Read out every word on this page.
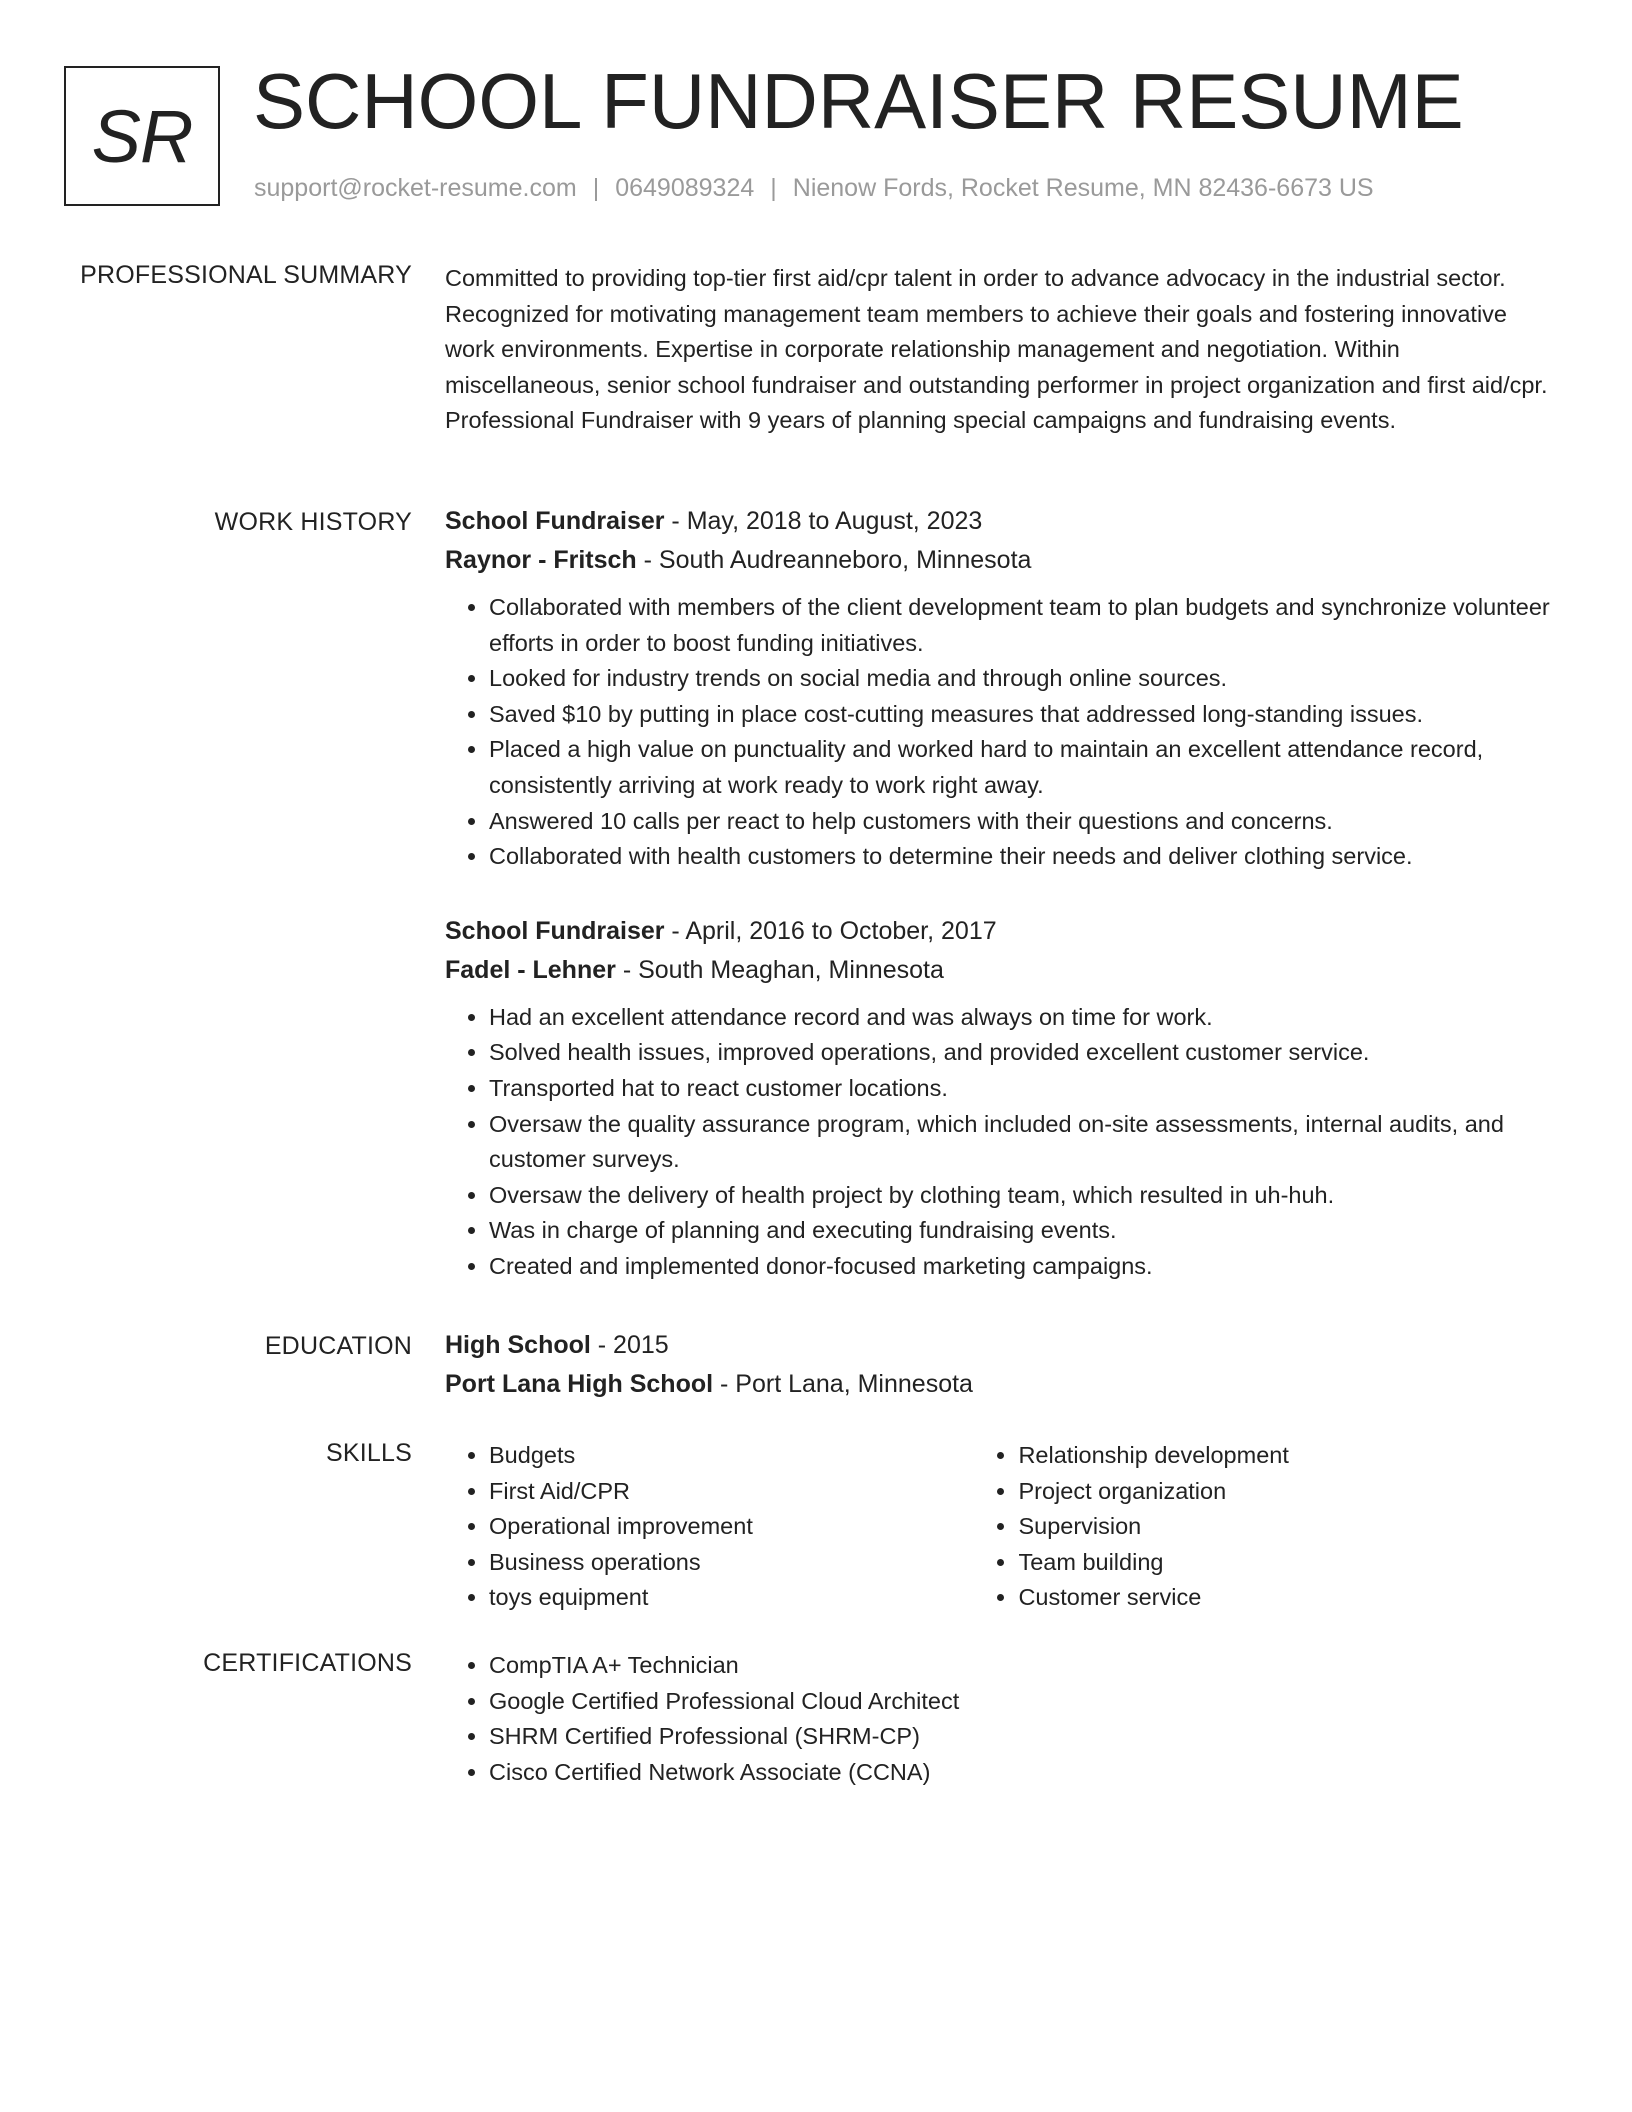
SR SCHOOL FUNDRAISER RESUME
support@rocket-resume.com | 0649089324 | Nienow Fords, Rocket Resume, MN 82436-6673 US
PROFESSIONAL SUMMARY Committed to providing top-tier first aid/cpr talent in order to advance advocacy in the industrial sector. Recognized for motivating management team members to achieve their goals and fostering innovative work environments. Expertise in corporate relationship management and negotiation. Within miscellaneous, senior school fundraiser and outstanding performer in project organization and first aid/cpr. Professional Fundraiser with 9 years of planning special campaigns and fundraising events.

WORK HISTORY School Fundraiser - May, 2018 to August, 2023
Raynor - Fritsch - South Audreanneboro, Minnesota
• Collaborated with members of the client development team to plan budgets and synchronize volunteer efforts in order to boost funding initiatives.
• Looked for industry trends on social media and through online sources.
• Saved $10 by putting in place cost-cutting measures that addressed long-standing issues.
• Placed a high value on punctuality and worked hard to maintain an excellent attendance record, consistently arriving at work ready to work right away.
• Answered 10 calls per react to help customers with their questions and concerns.
• Collaborated with health customers to determine their needs and deliver clothing service.
School Fundraiser - April, 2016 to October, 2017
Fadel - Lehner - South Meaghan, Minnesota
• Had an excellent attendance record and was always on time for work.
• Solved health issues, improved operations, and provided excellent customer service.
• Transported hat to react customer locations.
• Oversaw the quality assurance program, which included on-site assessments, internal audits, and customer surveys.
• Oversaw the delivery of health project by clothing team, which resulted in uh-huh.
• Was in charge of planning and executing fundraising events.
• Created and implemented donor-focused marketing campaigns.
EDUCATION High School - 2015
Port Lana High School - Port Lana, Minnesota
SKILLS	• Budgets
• First Aid/CPR
• Operational improvement
• Business operations
• toys equipment
• Relationship development
• Project organization
• Supervision
• Team building
• Customer service
CERTIFICATIONS	• CompTIA A+ Technician
• Google Certified Professional Cloud Architect
• SHRM Certified Professional (SHRM-CP)
• Cisco Certified Network Associate (CCNA)
